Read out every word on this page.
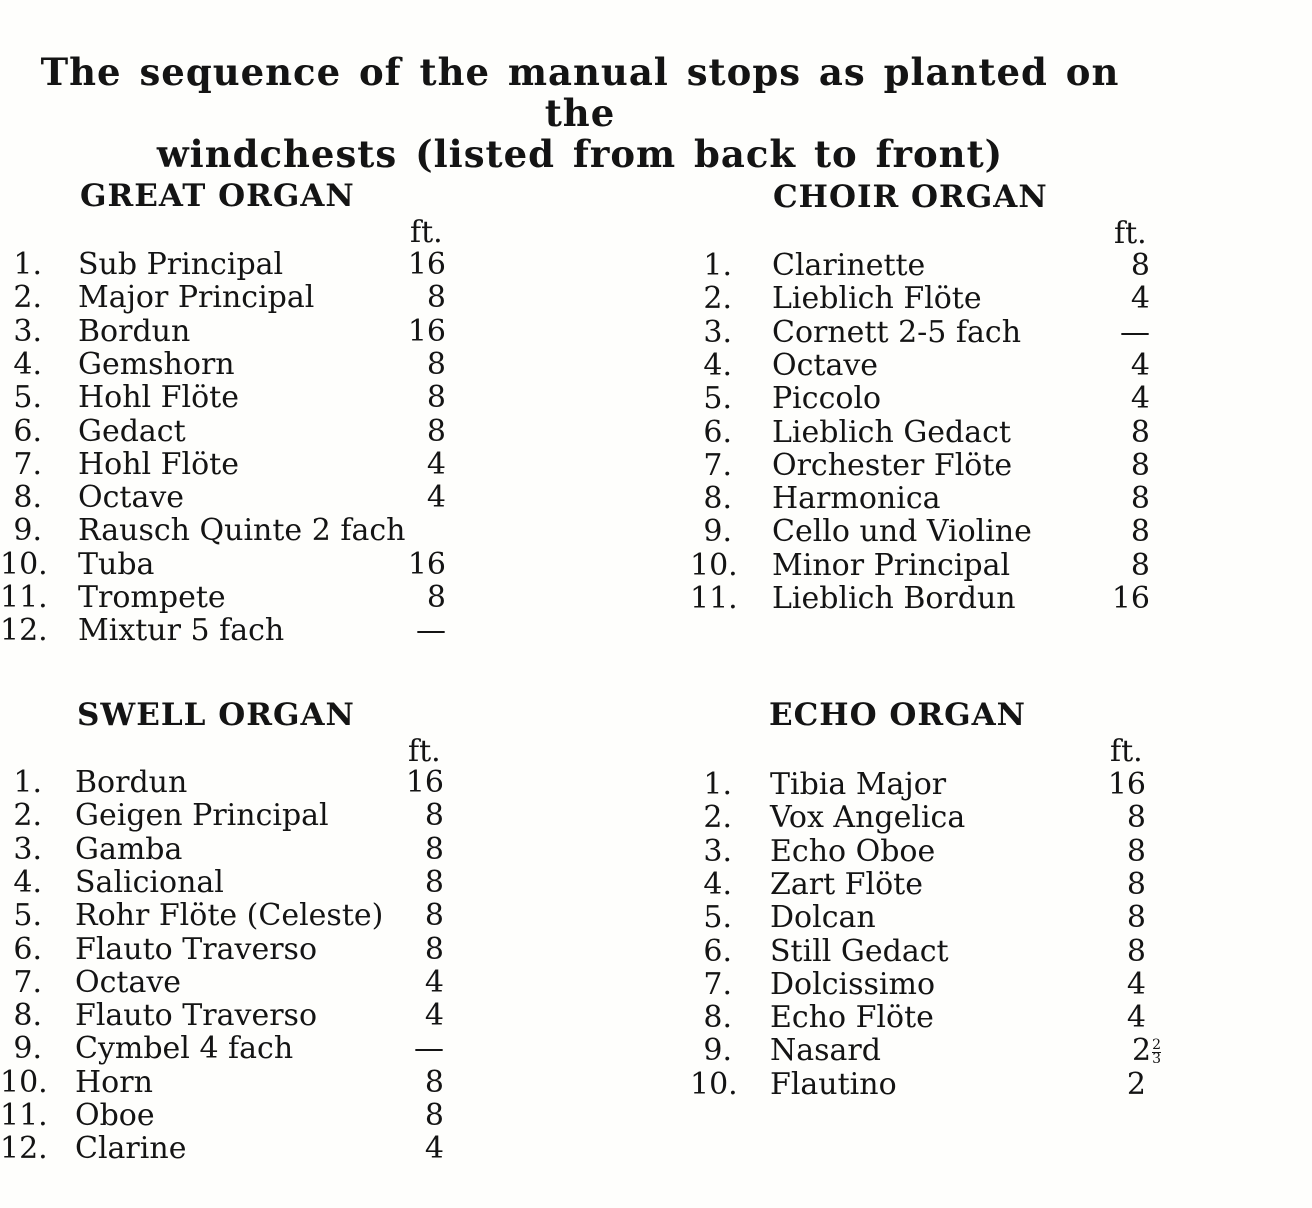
The sequence of the manual stops as planted on the
windchests (listed from back to front)
GREAT ORGAN
ft.
1. Sub Principal	16
2. Major Principal	8
3. Bordun	16
4. Gemshorn	8
5. Hohl Flöte	8
6. Gedact	8
7. Hohl Flöte	4
8. Octave	4
9. Rausch Quinte 2 fach
10. Tuba	16
11. Trompete	8
12. Mixtur 5 fach	—
CHOIR ORGAN
ft.
1. Clarinette	8
2. Lieblich Flöte	4
3. Cornett 2-5 fach	—
4. Octave	4
5. Piccolo	4
6. Lieblich Gedact	8
7. Orchester Flöte	8
8. Harmonica	8
9. Cello und Violine	8
10. Minor Principal	8
11. Lieblich Bordun	16
SWELL ORGAN
ft.
1. Bordun	16
2. Geigen Principal	8
3. Gamba	8
4. Salicional	8
5. Rohr Flöte (Celeste)	8
6. Flauto Traverso	8
7. Octave	4
8. Flauto Traverso	4
9. Cymbel 4 fach	—
10. Horn	8
11. Oboe	8
12. Clarine	4
ECHO ORGAN
ft.
1. Tibia Major	16
2. Vox Angelica	8
3. Echo Oboe	8
4. Zart Flöte	8
5. Dolcan	8
6. Still Gedact	8
7. Dolcissimo	4
8. Echo Flöte	4
9. Nasard	$2 \frac{2}{3}$
10. Flautino	2
